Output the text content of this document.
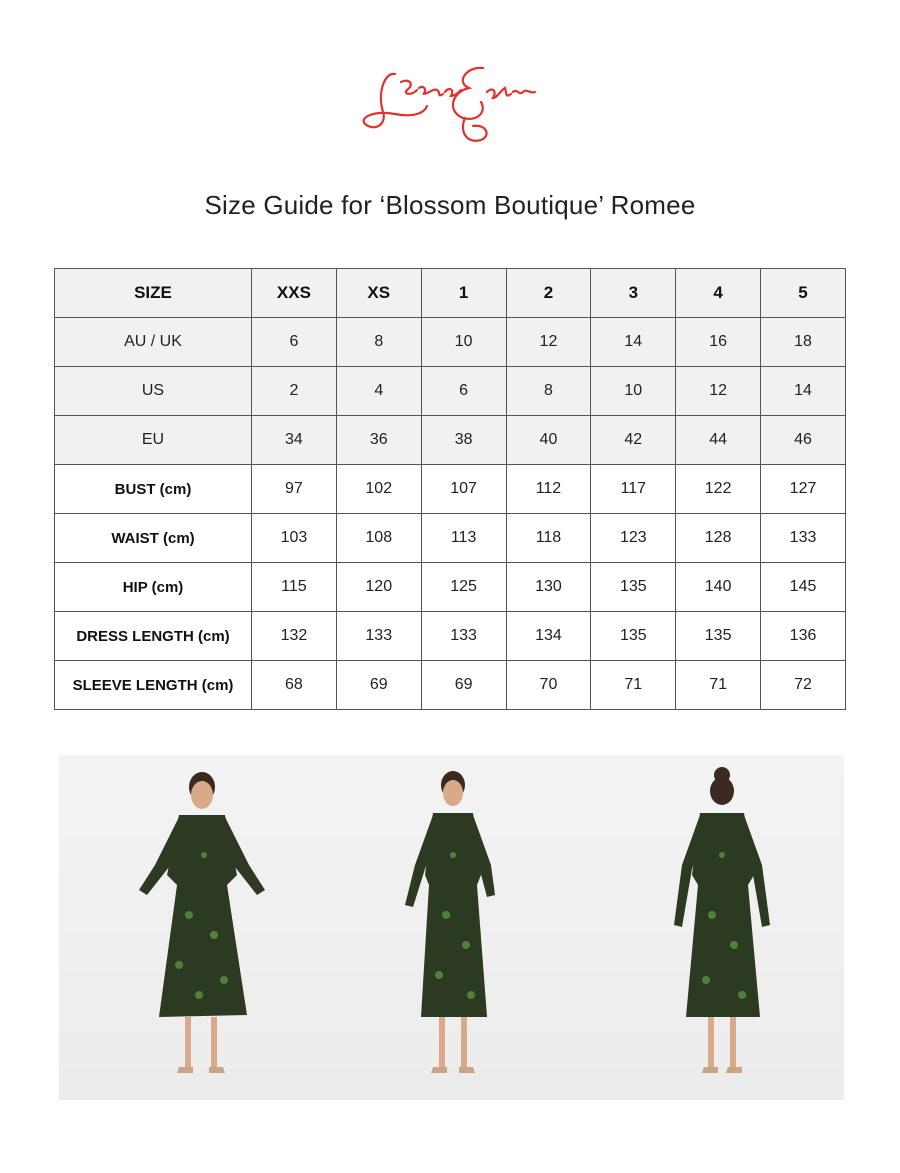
Size Guide for ‘Blossom Boutique’ Romee
SIZE	XXS	XS	1	2	3	4	5
AU / UK	6	8	10	12	14	16	18
US	2	4	6	8	10	12	14
EU	34	36	38	40	42	44	46
BUST (cm)	97	102	107	112	117	122	127
WAIST (cm)	103	108	113	118	123	128	133
HIP (cm)	115	120	125	130	135	140	145
DRESS LENGTH (cm)	132	133	133	134	135	135	136
SLEEVE LENGTH (cm)	68	69	69	70	71	71	72
